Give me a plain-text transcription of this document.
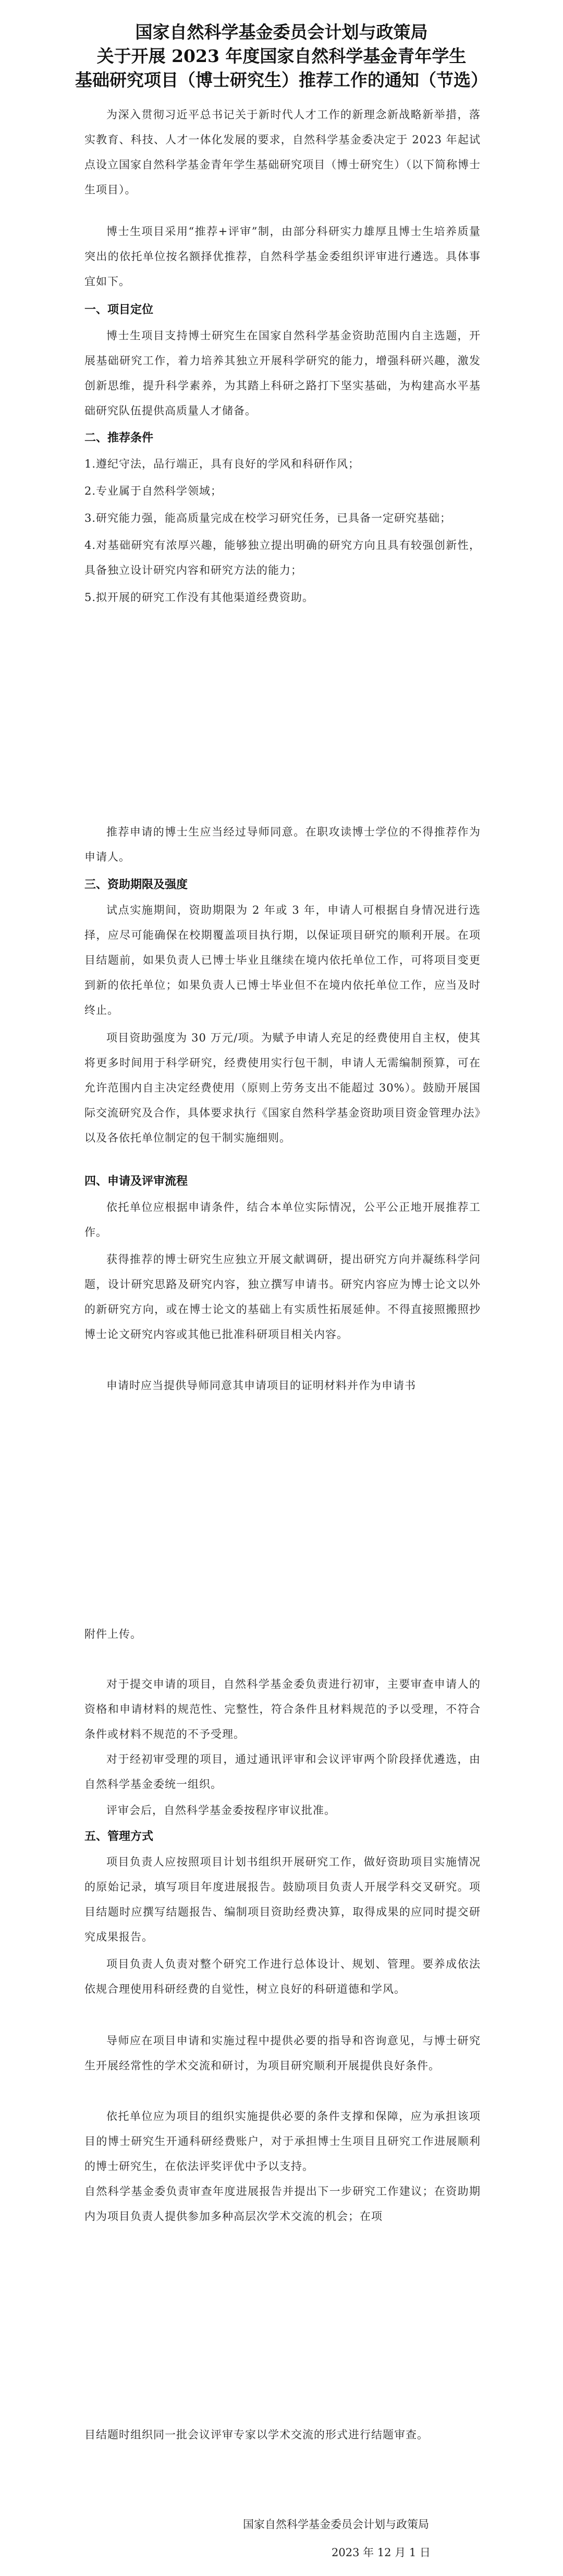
国家自然科学基金委员会计划与政策局
关于开展 2023 年度国家自然科学基金青年学生
基础研究项目（博士研究生）推荐工作的通知（节选）

为深入贯彻习近平总书记关于新时代人才工作的新理念新战略新举措，落实教育、科技、人才一体化发展的要求，自然科学基金委决定于 2023 年起试点设立国家自然科学基金青年学生基础研究项目（博士研究生）（以下简称博士生项目）。

博士生项目采用“推荐+评审”制，由部分科研实力雄厚且博士生培养质量突出的依托单位按名额择优推荐，自然科学基金委组织评审进行遴选。具体事宜如下。

一、项目定位

博士生项目支持博士研究生在国家自然科学基金资助范围内自主选题，开展基础研究工作，着力培养其独立开展科学研究的能力，增强科研兴趣，激发创新思维，提升科学素养，为其踏上科研之路打下坚实基础，为构建高水平基础研究队伍提供高质量人才储备。

二、推荐条件

1.遵纪守法，品行端正，具有良好的学风和科研作风；

2.专业属于自然科学领域；

3.研究能力强，能高质量完成在校学习研究任务，已具备一定研究基础；

4.对基础研究有浓厚兴趣，能够独立提出明确的研究方向且具有较强创新性，具备独立设计研究内容和研究方法的能力；

5.拟开展的研究工作没有其他渠道经费资助。

推荐申请的博士生应当经过导师同意。在职攻读博士学位的不得推荐作为申请人。

三、资助期限及强度

试点实施期间，资助期限为 2 年或 3 年，申请人可根据自身情况进行选择，应尽可能确保在校期覆盖项目执行期，以保证项目研究的顺利开展。在项目结题前，如果负责人已博士毕业且继续在境内依托单位工作，可将项目变更到新的依托单位；如果负责人已博士毕业但不在境内依托单位工作，应当及时终止。

项目资助强度为 30 万元/项。为赋予申请人充足的经费使用自主权，使其将更多时间用于科学研究，经费使用实行包干制，申请人无需编制预算，可在允许范围内自主决定经费使用（原则上劳务支出不能超过 30%）。鼓励开展国际交流研究及合作，具体要求执行《国家自然科学基金资助项目资金管理办法》以及各依托单位制定的包干制实施细则。

四、申请及评审流程

依托单位应根据申请条件，结合本单位实际情况，公平公正地开展推荐工作。

获得推荐的博士研究生应独立开展文献调研，提出研究方向并凝练科学问题，设计研究思路及研究内容，独立撰写申请书。研究内容应为博士论文以外的新研究方向，或在博士论文的基础上有实质性拓展延伸。不得直接照搬照抄博士论文研究内容或其他已批准科研项目相关内容。

申请时应当提供导师同意其申请项目的证明材料并作为申请书

附件上传。

对于提交申请的项目，自然科学基金委负责进行初审，主要审查申请人的资格和申请材料的规范性、完整性，符合条件且材料规范的予以受理，不符合条件或材料不规范的不予受理。

对于经初审受理的项目，通过通讯评审和会议评审两个阶段择优遴选，由自然科学基金委统一组织。

评审会后，自然科学基金委按程序审议批准。

五、管理方式

项目负责人应按照项目计划书组织开展研究工作，做好资助项目实施情况的原始记录，填写项目年度进展报告。鼓励项目负责人开展学科交叉研究。项目结题时应撰写结题报告、编制项目资助经费决算，取得成果的应同时提交研究成果报告。

项目负责人负责对整个研究工作进行总体设计、规划、管理。要养成依法依规合理使用科研经费的自觉性，树立良好的科研道德和学风。

导师应在项目申请和实施过程中提供必要的指导和咨询意见，与博士研究生开展经常性的学术交流和研讨，为项目研究顺利开展提供良好条件。

依托单位应为项目的组织实施提供必要的条件支撑和保障，应为承担该项目的博士研究生开通科研经费账户，对于承担博士生项目且研究工作进展顺利的博士研究生，在依法评奖评优中予以支持。

自然科学基金委负责审查年度进展报告并提出下一步研究工作建议；在资助期内为项目负责人提供参加多种高层次学术交流的机会；在项

目结题时组织同一批会议评审专家以学术交流的形式进行结题审查。

国家自然科学基金委员会计划与政策局

2023 年 12 月 1 日
